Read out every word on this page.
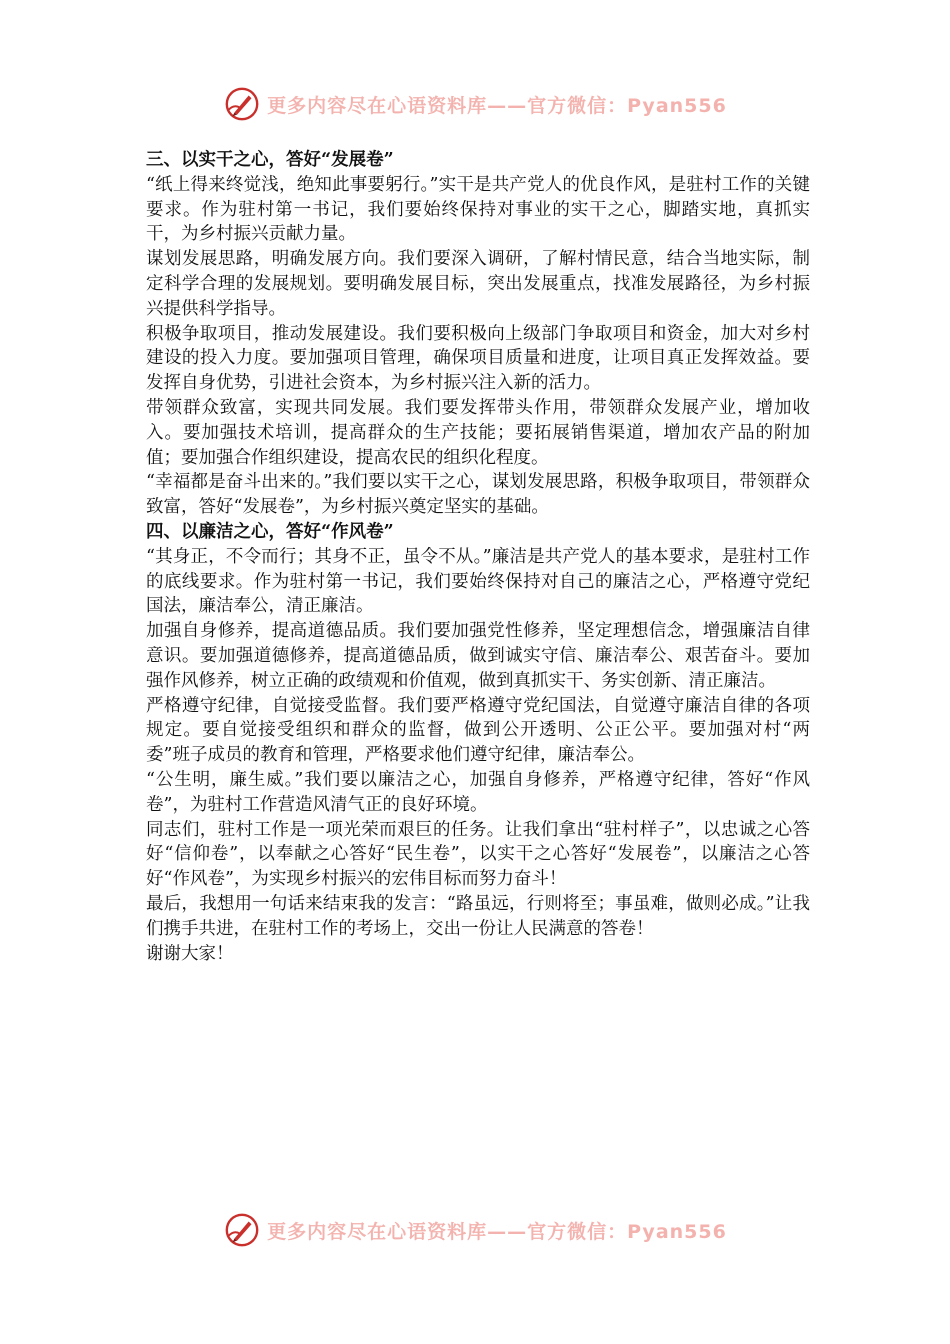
更多内容尽在心语资料库——官方微信：Pyan556

三、以实干之心，答好“发展卷”

“纸上得来终觉浅，绝知此事要躬行。”实干是共产党人的优良作风，是驻村工作的关键要求。作为驻村第一书记，我们要始终保持对事业的实干之心，脚踏实地，真抓实干，为乡村振兴贡献力量。

谋划发展思路，明确发展方向。我们要深入调研，了解村情民意，结合当地实际，制定科学合理的发展规划。要明确发展目标，突出发展重点，找准发展路径，为乡村振兴提供科学指导。

积极争取项目，推动发展建设。我们要积极向上级部门争取项目和资金，加大对乡村建设的投入力度。要加强项目管理，确保项目质量和进度，让项目真正发挥效益。要发挥自身优势，引进社会资本，为乡村振兴注入新的活力。

带领群众致富，实现共同发展。我们要发挥带头作用，带领群众发展产业，增加收入。要加强技术培训，提高群众的生产技能；要拓展销售渠道，增加农产品的附加值；要加强合作组织建设，提高农民的组织化程度。

“幸福都是奋斗出来的。”我们要以实干之心，谋划发展思路，积极争取项目，带领群众致富，答好“发展卷”，为乡村振兴奠定坚实的基础。

四、以廉洁之心，答好“作风卷”

“其身正，不令而行；其身不正，虽令不从。”廉洁是共产党人的基本要求，是驻村工作的底线要求。作为驻村第一书记，我们要始终保持对自己的廉洁之心，严格遵守党纪国法，廉洁奉公，清正廉洁。

加强自身修养，提高道德品质。我们要加强党性修养，坚定理想信念，增强廉洁自律意识。要加强道德修养，提高道德品质，做到诚实守信、廉洁奉公、艰苦奋斗。要加强作风修养，树立正确的政绩观和价值观，做到真抓实干、务实创新、清正廉洁。

严格遵守纪律，自觉接受监督。我们要严格遵守党纪国法，自觉遵守廉洁自律的各项规定。要自觉接受组织和群众的监督，做到公开透明、公正公平。要加强对村“两委”班子成员的教育和管理，严格要求他们遵守纪律，廉洁奉公。

“公生明，廉生威。”我们要以廉洁之心，加强自身修养，严格遵守纪律，答好“作风卷”，为驻村工作营造风清气正的良好环境。

同志们，驻村工作是一项光荣而艰巨的任务。让我们拿出“驻村样子”，以忠诚之心答好“信仰卷”，以奉献之心答好“民生卷”，以实干之心答好“发展卷”，以廉洁之心答好“作风卷”，为实现乡村振兴的宏伟目标而努力奋斗！

最后，我想用一句话来结束我的发言：“路虽远，行则将至；事虽难，做则必成。”让我们携手共进，在驻村工作的考场上，交出一份让人民满意的答卷！

谢谢大家！

更多内容尽在心语资料库——官方微信：Pyan556
